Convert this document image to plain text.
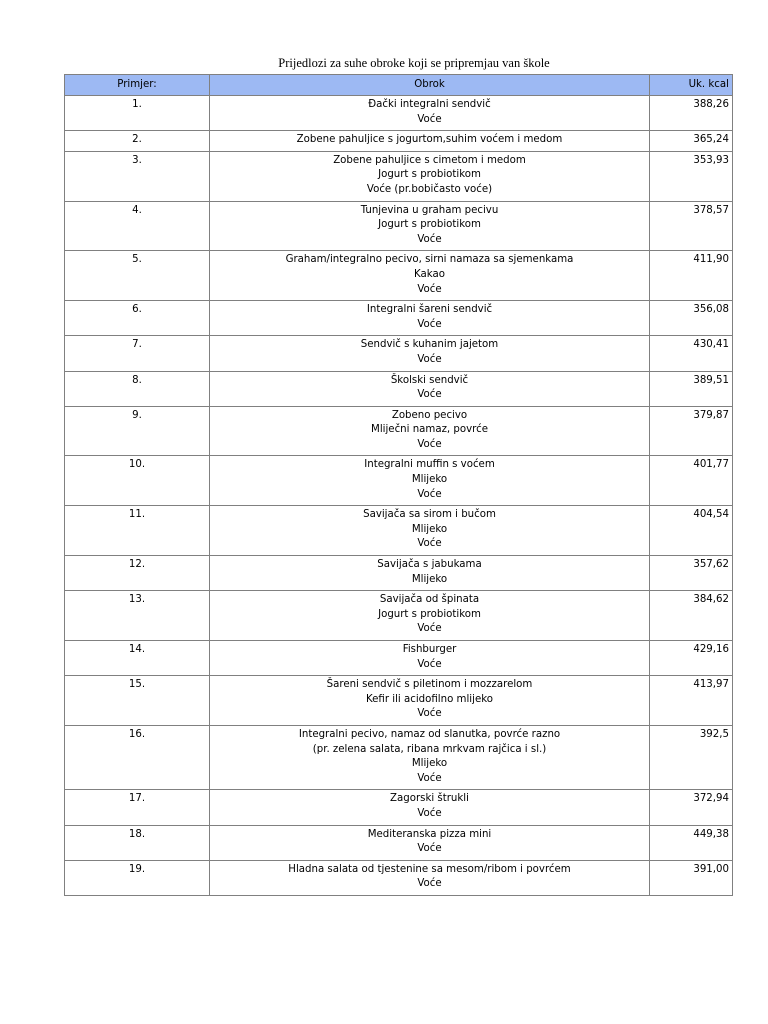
Prijedlozi za suhe obroke koji se pripremjau van škole
Primjer:	Obrok	Uk. kcal
1.	Đački integralni sendvič
Voće	388,26
2.	Zobene pahuljice s jogurtom,suhim voćem i medom	365,24
3.	Zobene pahuljice s cimetom i medom
Jogurt s probiotikom
Voće (pr.bobičasto voće)	353,93
4.	Tunjevina u graham pecivu
Jogurt s probiotikom
Voće	378,57
5.	Graham/integralno pecivo, sirni namaza sa sjemenkama
Kakao
Voće	411,90
6.	Integralni šareni sendvič
Voće	356,08
7.	Sendvič s kuhanim jajetom
Voće	430,41
8.	Školski sendvič
Voće	389,51
9.	Zobeno pecivo
Mliječni namaz, povrće
Voće	379,87
10.	Integralni muffin s voćem
Mlijeko
Voće	401,77
11.	Savijača sa sirom i bučom
Mlijeko
Voće	404,54
12.	Savijača s jabukama
Mlijeko	357,62
13.	Savijača od špinata
Jogurt s probiotikom
Voće	384,62
14.	Fishburger
Voće	429,16
15.	Šareni sendvič s piletinom i mozzarelom
Kefir ili acidofilno mlijeko
Voće	413,97
16.	Integralni pecivo, namaz od slanutka, povrće razno
(pr. zelena salata, ribana mrkvam rajčica i sl.)
Mlijeko
Voće	392,5
17.	Zagorski štrukli
Voće	372,94
18.	Mediteranska pizza mini
Voće	449,38
19.	Hladna salata od tjestenine sa mesom/ribom i povrćem
Voće	391,00
